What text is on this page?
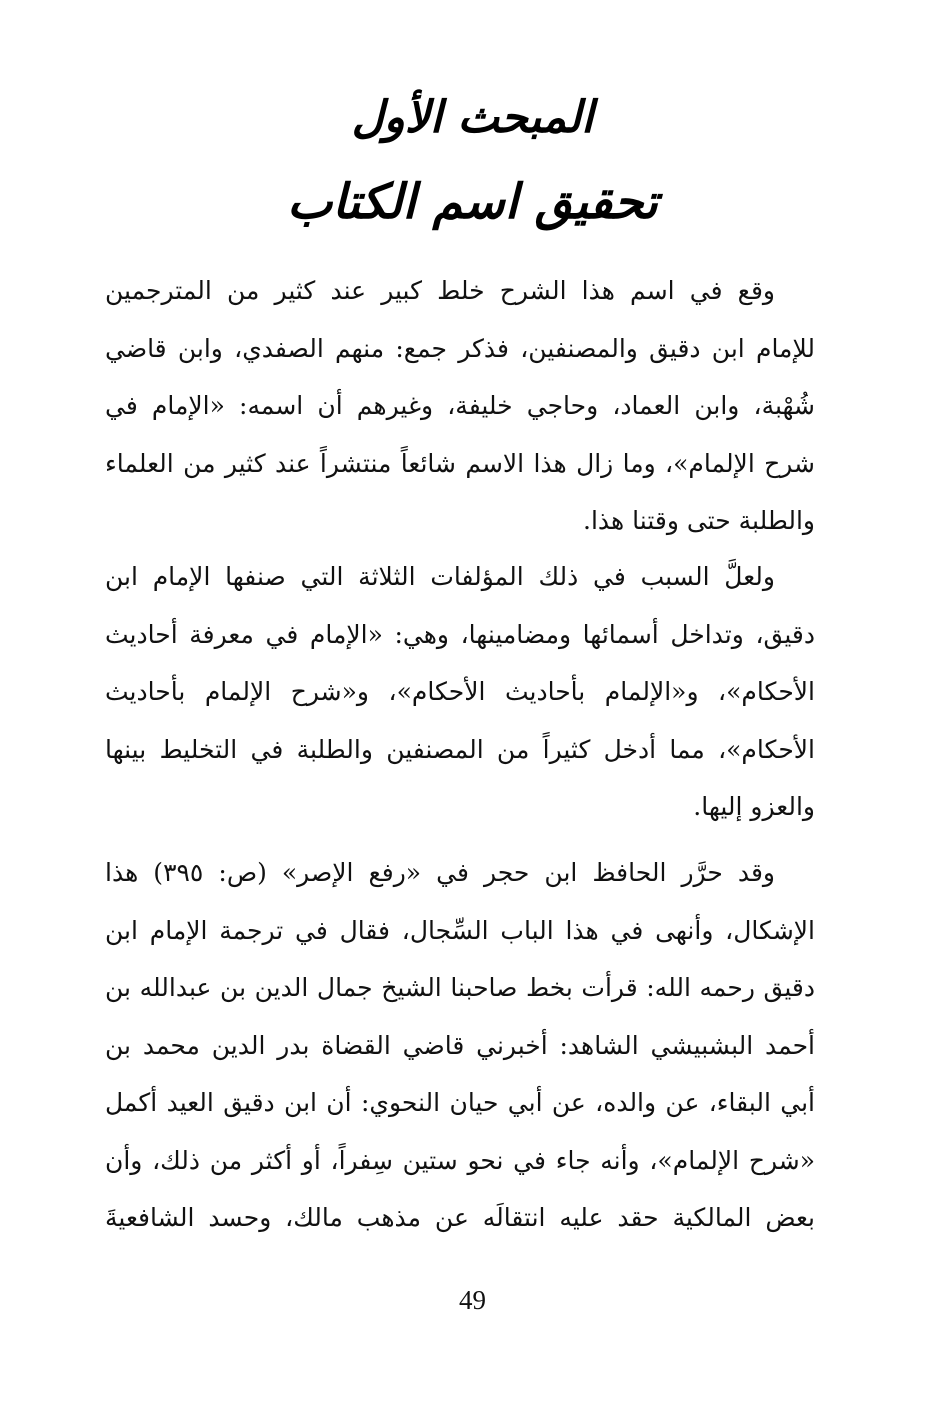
المبحث الأول
تحقيق اسم الكتاب
وقع في اسم هذا الشرح خلط كبير عند كثير من المترجمين
للإمام ابن دقيق والمصنفين، فذكر جمع: منهم الصفدي، وابن قاضي
شُهْبة، وابن العماد، وحاجي خليفة، وغيرهم أن اسمه: «الإمام في
شرح الإلمام»، وما زال هذا الاسم شائعاً منتشراً عند كثير من العلماء
والطلبة حتى وقتنا هذا.
ولعلَّ السبب في ذلك المؤلفات الثلاثة التي صنفها الإمام ابن
دقيق، وتداخل أسمائها ومضامينها، وهي: «الإمام في معرفة أحاديث
الأحكام»، و«الإلمام بأحاديث الأحكام»، و«شرح الإلمام بأحاديث
الأحكام»، مما أدخل كثيراً من المصنفين والطلبة في التخليط بينها
والعزو إليها.
وقد حرَّر الحافظ ابن حجر في «رفع الإصر» (ص: ٣٩٥) هذا
الإشكال، وأنهى في هذا الباب السِّجال، فقال في ترجمة الإمام ابن
دقيق رحمه الله: قرأت بخط صاحبنا الشيخ جمال الدين بن عبدالله بن
أحمد البشبيشي الشاهد: أخبرني قاضي القضاة بدر الدين محمد بن
أبي البقاء، عن والده، عن أبي حيان النحوي: أن ابن دقيق العيد أكمل
«شرح الإلمام»، وأنه جاء في نحو ستين سِفراً، أو أكثر من ذلك، وأن
بعض المالكية حقد عليه انتقالَه عن مذهب مالك، وحسد الشافعيةَ
49
